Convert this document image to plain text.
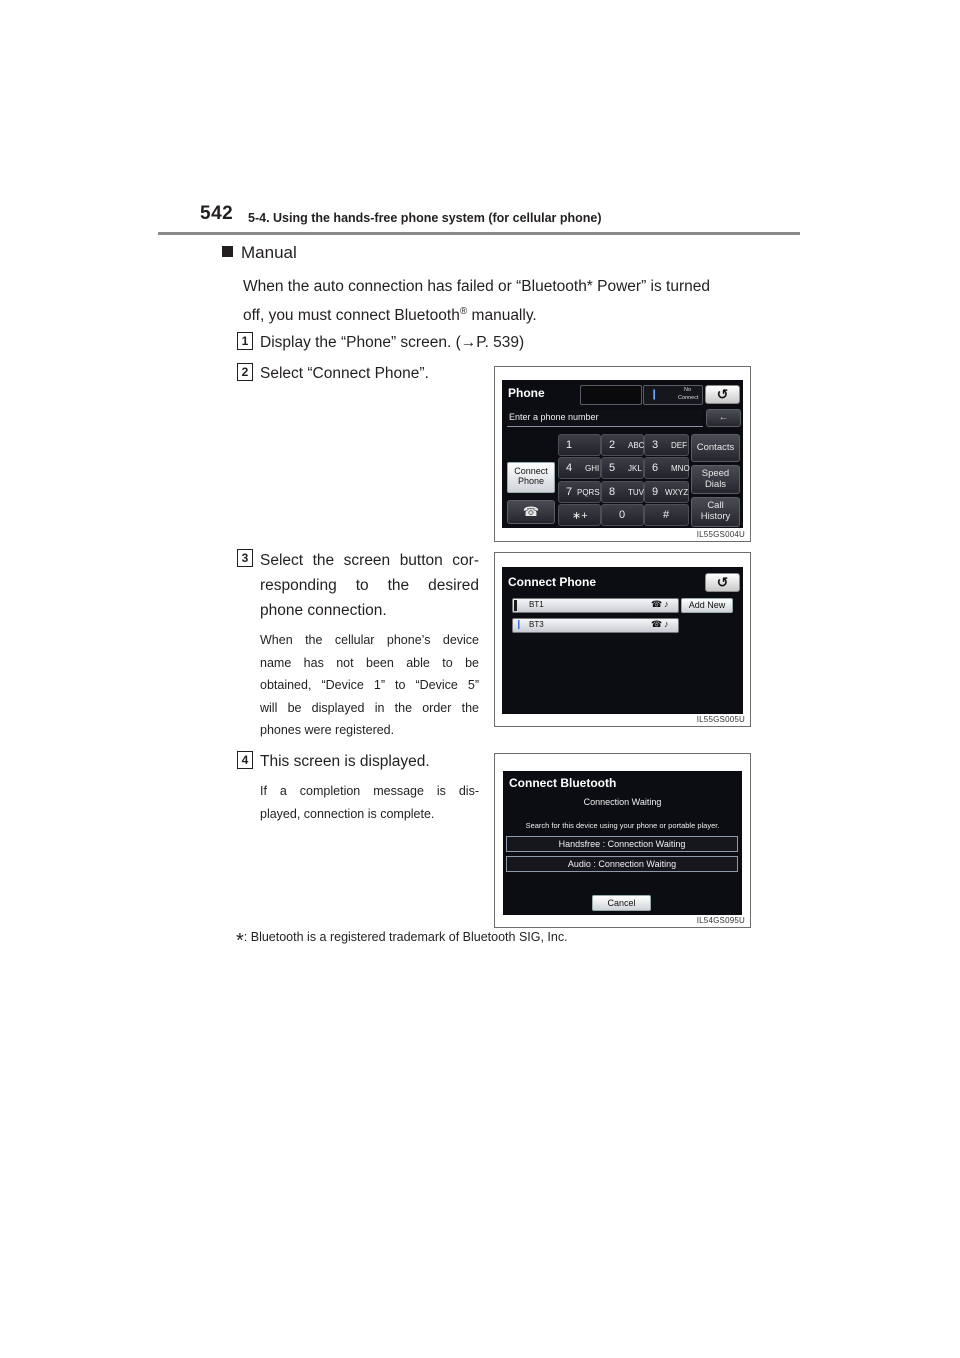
542 5-4. Using the hands-free phone system (for cellular phone)
Manual
When the auto connection has failed or “Bluetooth* Power” is turned
off, you must connect Bluetooth® manually.
1 Display the “Phone” screen. (→P. 539)
2 Select “Connect Phone”.
Phone	❙	No
Connect	↺
Enter a phone number	←
1	2 ABC 3 DEF
4 GHI 5 JKL 6 MNO
7 PQRS 8 TUV 9 WXYZ
∗+	0	#
Connect
Phone
☎
Contacts
Speed
Dials
Call
History
IL55GS004U
3 Select the screen button cor-
responding to the desired
phone connection.
When the cellular phone’s device
name has not been able to be
obtained, “Device 1” to “Device 5”
will be displayed in the order the
phones were registered.
Connect Phone	↺
BT1	☎ ♪	Add New
❙ BT3	☎ ♪
IL55GS005U
4 This screen is displayed.
If a completion message is dis-
played, connection is complete.
Connect Bluetooth
Connection Waiting
Search for this device using your phone or portable player.
Handsfree : Connection Waiting
Audio : Connection Waiting
Cancel
IL54GS095U
*: Bluetooth is a registered trademark of Bluetooth SIG, Inc.
